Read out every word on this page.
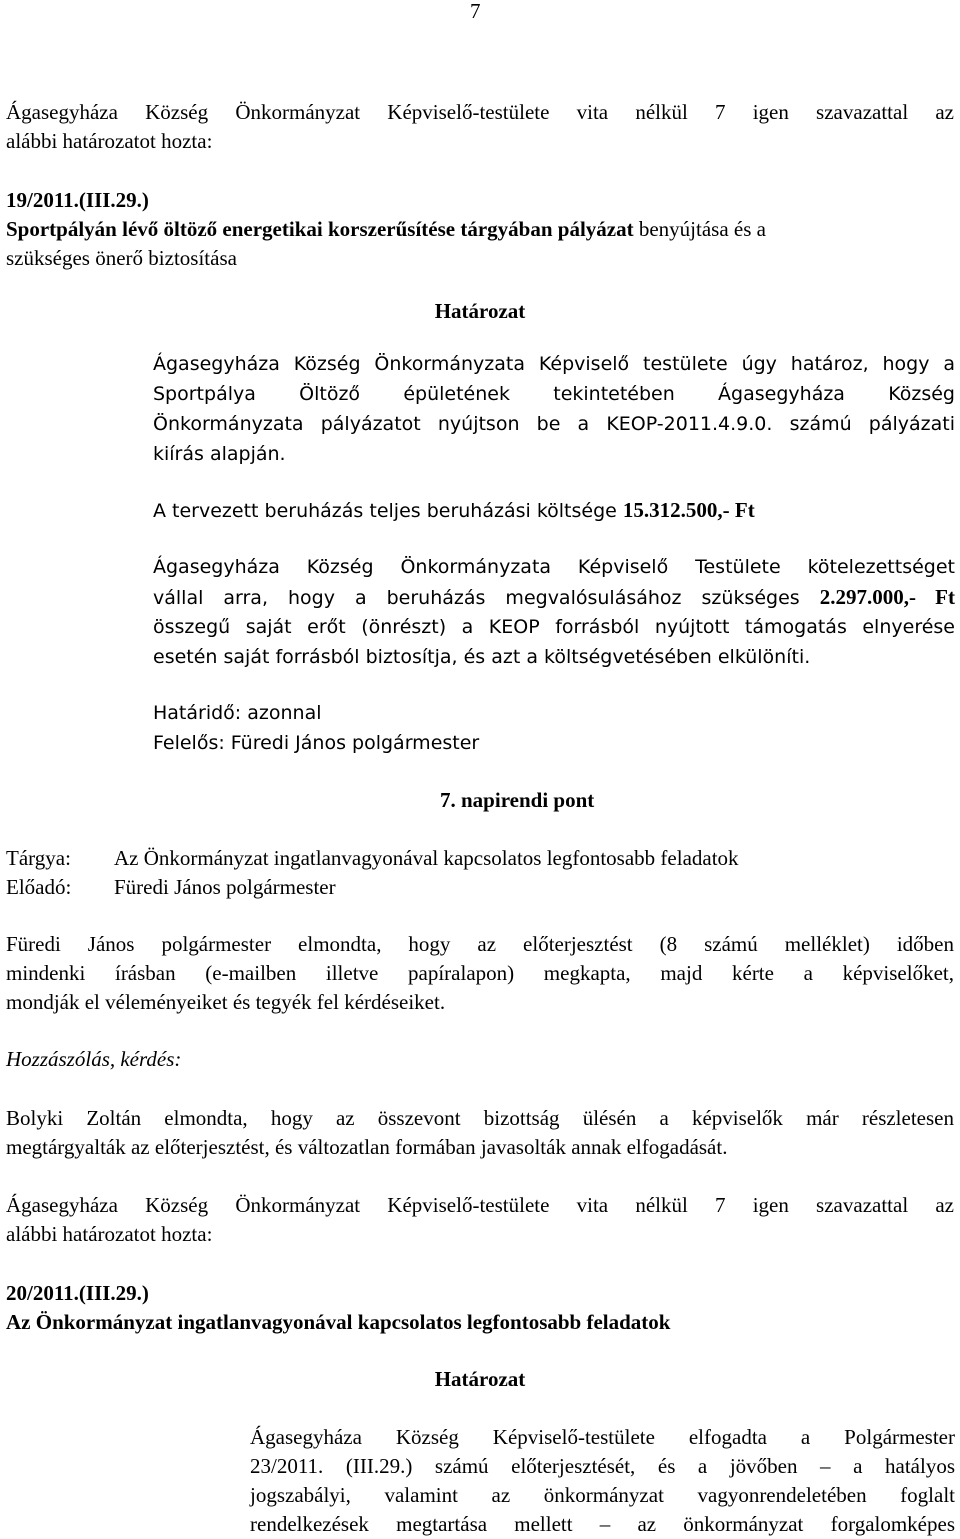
7
Ágasegyháza Község Önkormányzat Képviselő-testülete vita nélkül 7 igen szavazattal az
alábbi határozatot hozta:
19/2011.(III.29.)
Sportpályán lévő öltöző energetikai korszerűsítése tárgyában pályázat benyújtása és a
szükséges önerő biztosítása
Határozat
Ágasegyháza Község Önkormányzata Képviselő testülete úgy határoz, hogy a
Sportpálya Öltöző épületének tekintetében Ágasegyháza Község
Önkormányzata pályázatot nyújtson be a KEOP-2011.4.9.0. számú pályázati
kiírás alapján.
A tervezett beruházás teljes beruházási költsége 15.312.500,- Ft
Ágasegyháza Község Önkormányzata Képviselő Testülete kötelezettséget
vállal arra, hogy a beruházás megvalósulásához szükséges 2.297.000,- Ft
összegű saját erőt (önrészt) a KEOP forrásból nyújtott támogatás elnyerése
esetén saját forrásból biztosítja, és azt a költségvetésében elkülöníti.
Határidő: azonnal
Felelős: Füredi János polgármester
7. napirendi pont
Tárgya: Az Önkormányzat ingatlanvagyonával kapcsolatos legfontosabb feladatok
Előadó: Füredi János polgármester
Füredi János polgármester elmondta, hogy az előterjesztést (8 számú melléklet) időben
mindenki írásban (e-mailben illetve papíralapon) megkapta, majd kérte a képviselőket,
mondják el véleményeiket és tegyék fel kérdéseiket.
Hozzászólás, kérdés:
Bolyki Zoltán elmondta, hogy az összevont bizottság ülésén a képviselők már részletesen
megtárgyalták az előterjesztést, és változatlan formában javasolták annak elfogadását.
Ágasegyháza Község Önkormányzat Képviselő-testülete vita nélkül 7 igen szavazattal az
alábbi határozatot hozta:
20/2011.(III.29.)
Az Önkormányzat ingatlanvagyonával kapcsolatos legfontosabb feladatok
Határozat
Ágasegyháza Község Képviselő-testülete elfogadta a Polgármester
23/2011. (III.29.) számú előterjesztését, és a jövőben – a hatályos
jogszabályi, valamint az önkormányzat vagyonrendeletében foglalt
rendelkezések megtartása mellett – az önkormányzat forgalomképes
